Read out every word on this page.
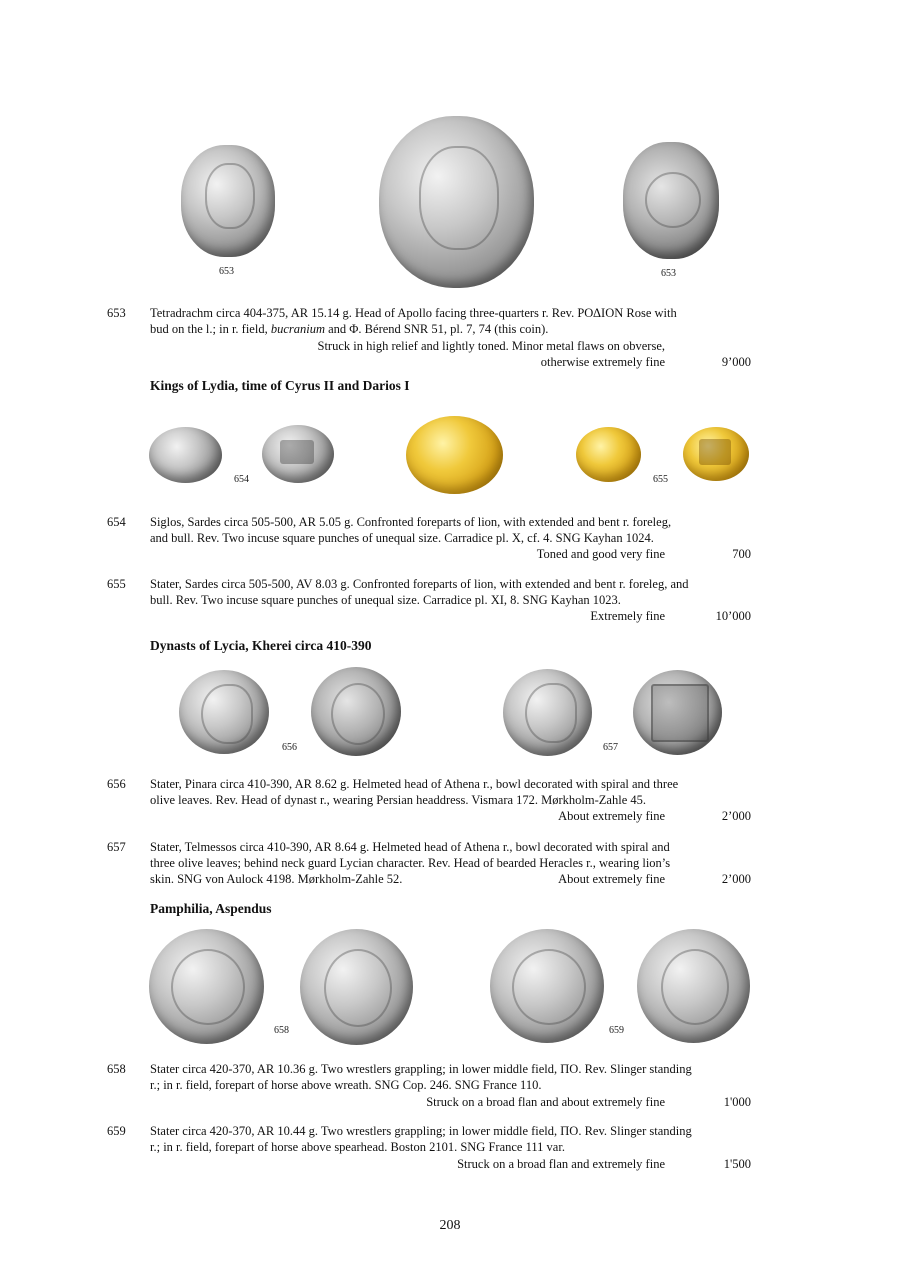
653	653
653 Tetradrachm circa 404-375, AR 15.14 g. Head of Apollo facing three-quarters r. Rev. ΡΟΔΙΟΝ Rose with
bud on the l.; in r. field, bucranium and Φ. Bérend SNR 51, pl. 7, 74 (this coin).
Struck in high relief and lightly toned. Minor metal flaws on obverse,
otherwise extremely fine	9’000
Kings of Lydia, time of Cyrus II and Darios I
654	655
654 Siglos, Sardes circa 505-500, AR 5.05 g. Confronted foreparts of lion, with extended and bent r. foreleg,
and bull. Rev. Two incuse square punches of unequal size. Carradice pl. X, cf. 4. SNG Kayhan 1024.
Toned and good very fine	700
655 Stater, Sardes circa 505-500, AV 8.03 g. Confronted foreparts of lion, with extended and bent r. foreleg, and
bull. Rev. Two incuse square punches of unequal size. Carradice pl. XI, 8. SNG Kayhan 1023.
Extremely fine	10’000
Dynasts of Lycia, Kherei circa 410-390
656	657
656 Stater, Pinara circa 410-390, AR 8.62 g. Helmeted head of Athena r., bowl decorated with spiral and three
olive leaves. Rev. Head of dynast r., wearing Persian headdress. Vismara 172. Mørkholm-Zahle 45.
About extremely fine	2’000
657 Stater, Telmessos circa 410-390, AR 8.64 g. Helmeted head of Athena r., bowl decorated with spiral and
three olive leaves; behind neck guard Lycian character. Rev. Head of bearded Heracles r., wearing lion’s
skin. SNG von Aulock 4198. Mørkholm-Zahle 52.	About extremely fine	2’000
Pamphilia, Aspendus
658	659
658 Stater circa 420-370, AR 10.36 g. Two wrestlers grappling; in lower middle field, ΠΟ. Rev. Slinger standing
r.; in r. field, forepart of horse above wreath. SNG Cop. 246. SNG France 110.
Struck on a broad flan and about extremely fine	1'000
659 Stater circa 420-370, AR 10.44 g. Two wrestlers grappling; in lower middle field, ΠΟ. Rev. Slinger standing
r.; in r. field, forepart of horse above spearhead. Boston 2101. SNG France 111 var.
Struck on a broad flan and extremely fine	1'500
208
